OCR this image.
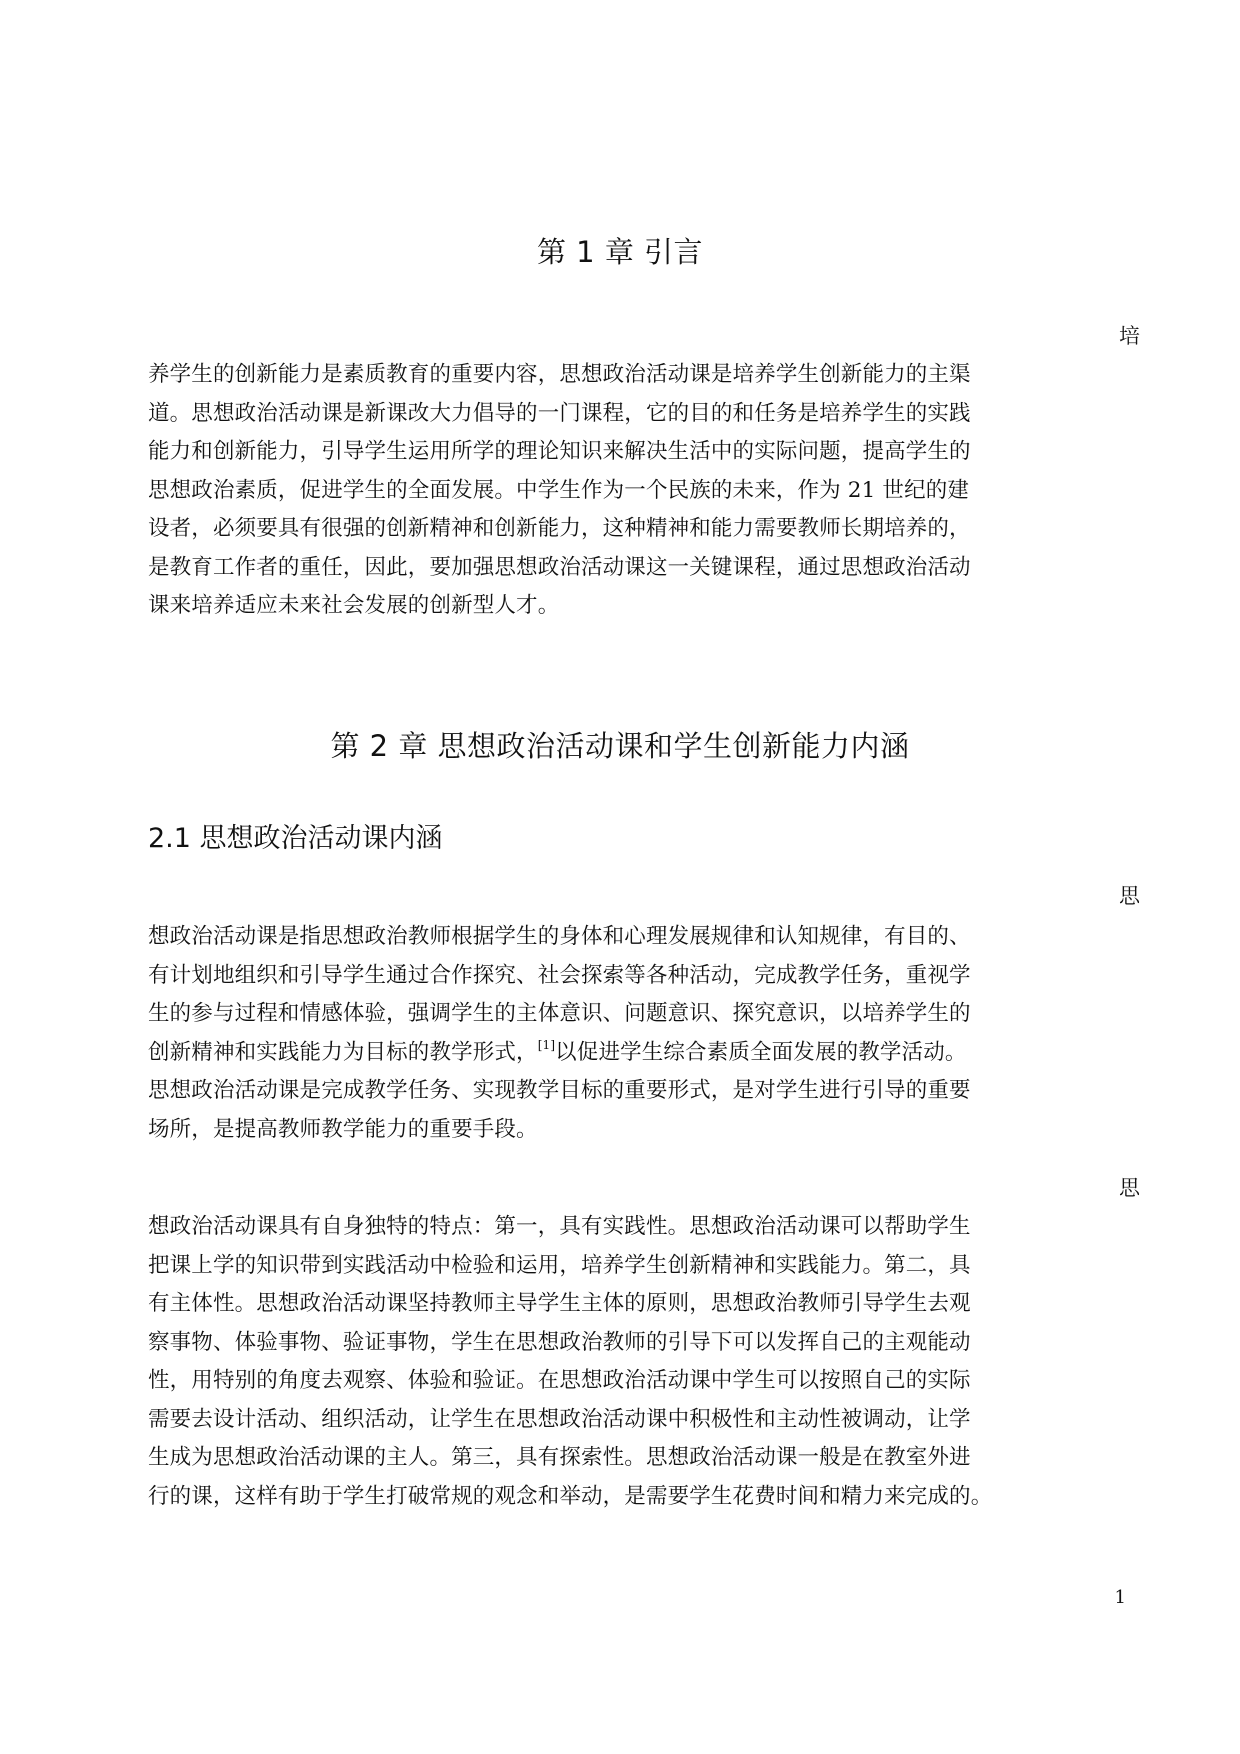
第 1 章 引言
培
养学生的创新能力是素质教育的重要内容，思想政治活动课是培养学生创新能力的主渠
道。思想政治活动课是新课改大力倡导的一门课程，它的目的和任务是培养学生的实践
能力和创新能力，引导学生运用所学的理论知识来解决生活中的实际问题，提高学生的
思想政治素质，促进学生的全面发展。中学生作为一个民族的未来，作为 21 世纪的建
设者，必须要具有很强的创新精神和创新能力，这种精神和能力需要教师长期培养的，
是教育工作者的重任，因此，要加强思想政治活动课这一关键课程，通过思想政治活动
课来培养适应未来社会发展的创新型人才。
第 2 章 思想政治活动课和学生创新能力内涵
2.1 思想政治活动课内涵
思
想政治活动课是指思想政治教师根据学生的身体和心理发展规律和认知规律，有目的、
有计划地组织和引导学生通过合作探究、社会探索等各种活动，完成教学任务，重视学
生的参与过程和情感体验，强调学生的主体意识、问题意识、探究意识，以培养学生的
创新精神和实践能力为目标的教学形式，[1]以促进学生综合素质全面发展的教学活动。
思想政治活动课是完成教学任务、实现教学目标的重要形式，是对学生进行引导的重要
场所，是提高教师教学能力的重要手段。
思
想政治活动课具有自身独特的特点：第一，具有实践性。思想政治活动课可以帮助学生
把课上学的知识带到实践活动中检验和运用，培养学生创新精神和实践能力。第二，具
有主体性。思想政治活动课坚持教师主导学生主体的原则，思想政治教师引导学生去观
察事物、体验事物、验证事物，学生在思想政治教师的引导下可以发挥自己的主观能动
性，用特别的角度去观察、体验和验证。在思想政治活动课中学生可以按照自己的实际
需要去设计活动、组织活动，让学生在思想政治活动课中积极性和主动性被调动，让学
生成为思想政治活动课的主人。第三，具有探索性。思想政治活动课一般是在教室外进
行的课，这样有助于学生打破常规的观念和举动，是需要学生花费时间和精力来完成的。
1
